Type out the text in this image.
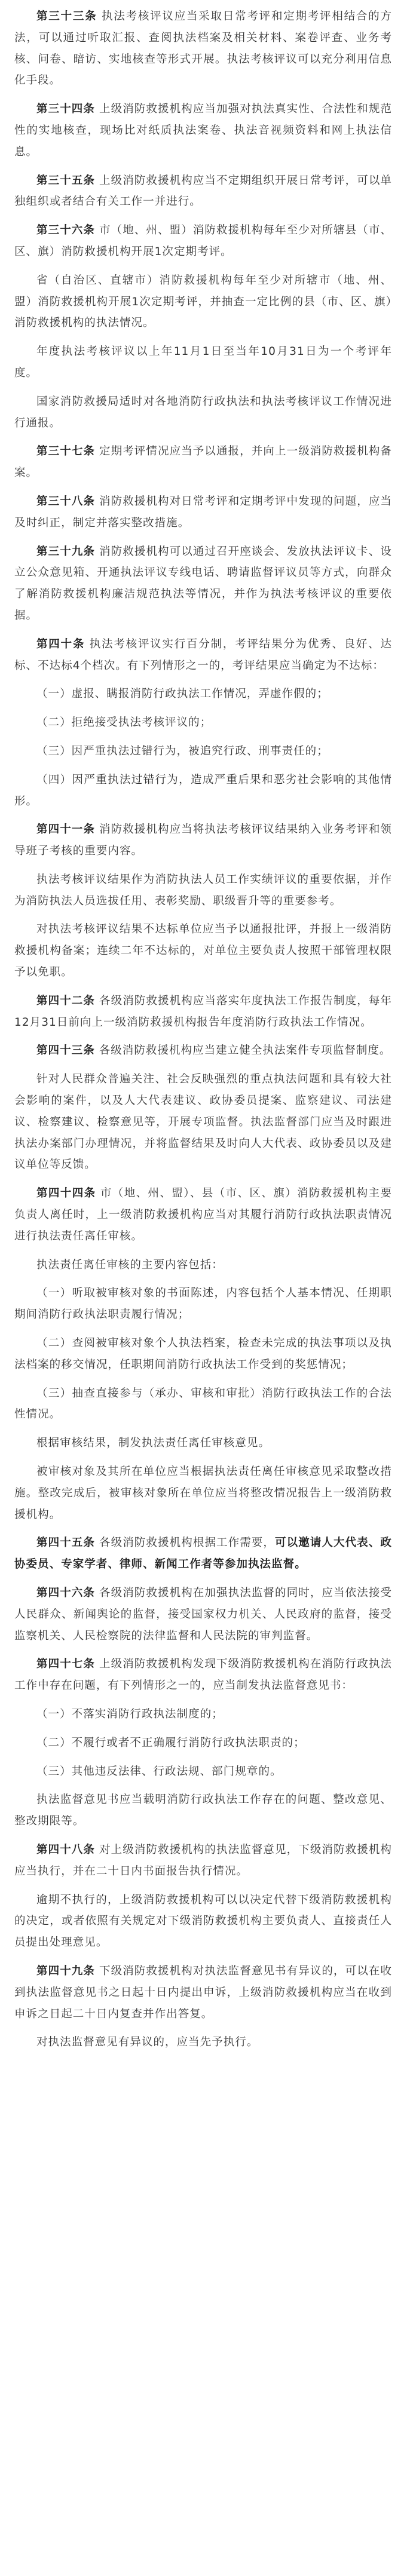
第三十三条 执法考核评议应当采取日常考评和定期考评相结合的方法，可以通过听取汇报、查阅执法档案及相关材料、案卷评查、业务考核、问卷、暗访、实地核查等形式开展。执法考核评议可以充分利用信息化手段。

第三十四条 上级消防救援机构应当加强对执法真实性、合法性和规范性的实地核查，现场比对纸质执法案卷、执法音视频资料和网上执法信息。

第三十五条 上级消防救援机构应当不定期组织开展日常考评，可以单独组织或者结合有关工作一并进行。

第三十六条 市（地、州、盟）消防救援机构每年至少对所辖县（市、区、旗）消防救援机构开展1次定期考评。

省（自治区、直辖市）消防救援机构每年至少对所辖市（地、州、盟）消防救援机构开展1次定期考评，并抽查一定比例的县（市、区、旗）消防救援机构的执法情况。

年度执法考核评议以上年11月1日至当年10月31日为一个考评年度。

国家消防救援局适时对各地消防行政执法和执法考核评议工作情况进行通报。

第三十七条 定期考评情况应当予以通报，并向上一级消防救援机构备案。

第三十八条 消防救援机构对日常考评和定期考评中发现的问题，应当及时纠正，制定并落实整改措施。

第三十九条 消防救援机构可以通过召开座谈会、发放执法评议卡、设立公众意见箱、开通执法评议专线电话、聘请监督评议员等方式，向群众了解消防救援机构廉洁规范执法等情况，并作为执法考核评议的重要依据。

第四十条 执法考核评议实行百分制，考评结果分为优秀、良好、达标、不达标4个档次。有下列情形之一的，考评结果应当确定为不达标：

（一）虚报、瞒报消防行政执法工作情况，弄虚作假的；

（二）拒绝接受执法考核评议的；

（三）因严重执法过错行为，被追究行政、刑事责任的；

（四）因严重执法过错行为，造成严重后果和恶劣社会影响的其他情形。

第四十一条 消防救援机构应当将执法考核评议结果纳入业务考评和领导班子考核的重要内容。

执法考核评议结果作为消防执法人员工作实绩评议的重要依据，并作为消防执法人员选拔任用、表彰奖励、职级晋升等的重要参考。

对执法考核评议结果不达标单位应当予以通报批评，并报上一级消防救援机构备案；连续二年不达标的，对单位主要负责人按照干部管理权限予以免职。

第四十二条 各级消防救援机构应当落实年度执法工作报告制度，每年12月31日前向上一级消防救援机构报告年度消防行政执法工作情况。

第四十三条 各级消防救援机构应当建立健全执法案件专项监督制度。

针对人民群众普遍关注、社会反映强烈的重点执法问题和具有较大社会影响的案件，以及人大代表建议、政协委员提案、监察建议、司法建议、检察建议、检察意见等，开展专项监督。执法监督部门应当及时跟进执法办案部门办理情况，并将监督结果及时向人大代表、政协委员以及建议单位等反馈。

第四十四条 市（地、州、盟）、县（市、区、旗）消防救援机构主要负责人离任时，上一级消防救援机构应当对其履行消防行政执法职责情况进行执法责任离任审核。

执法责任离任审核的主要内容包括：

（一）听取被审核对象的书面陈述，内容包括个人基本情况、任期职期间消防行政执法职责履行情况；

（二）查阅被审核对象个人执法档案，检查未完成的执法事项以及执法档案的移交情况，任职期间消防行政执法工作受到的奖惩情况；

（三）抽查直接参与（承办、审核和审批）消防行政执法工作的合法性情况。

根据审核结果，制发执法责任离任审核意见。

被审核对象及其所在单位应当根据执法责任离任审核意见采取整改措施。整改完成后，被审核对象所在单位应当将整改情况报告上一级消防救援机构。

第四十五条 各级消防救援机构根据工作需要，可以邀请人大代表、政协委员、专家学者、律师、新闻工作者等参加执法监督。

第四十六条 各级消防救援机构在加强执法监督的同时，应当依法接受人民群众、新闻舆论的监督，接受国家权力机关、人民政府的监督，接受监察机关、人民检察院的法律监督和人民法院的审判监督。

第四十七条 上级消防救援机构发现下级消防救援机构在消防行政执法工作中存在问题，有下列情形之一的，应当制发执法监督意见书：

（一）不落实消防行政执法制度的；

（二）不履行或者不正确履行消防行政执法职责的；

（三）其他违反法律、行政法规、部门规章的。

执法监督意见书应当载明消防行政执法工作存在的问题、整改意见、整改期限等。

第四十八条 对上级消防救援机构的执法监督意见，下级消防救援机构应当执行，并在二十日内书面报告执行情况。

逾期不执行的，上级消防救援机构可以以决定代替下级消防救援机构的决定，或者依照有关规定对下级消防救援机构主要负责人、直接责任人员提出处理意见。

第四十九条 下级消防救援机构对执法监督意见书有异议的，可以在收到执法监督意见书之日起十日内提出申诉，上级消防救援机构应当在收到申诉之日起二十日内复查并作出答复。

对执法监督意见有异议的，应当先予执行。
